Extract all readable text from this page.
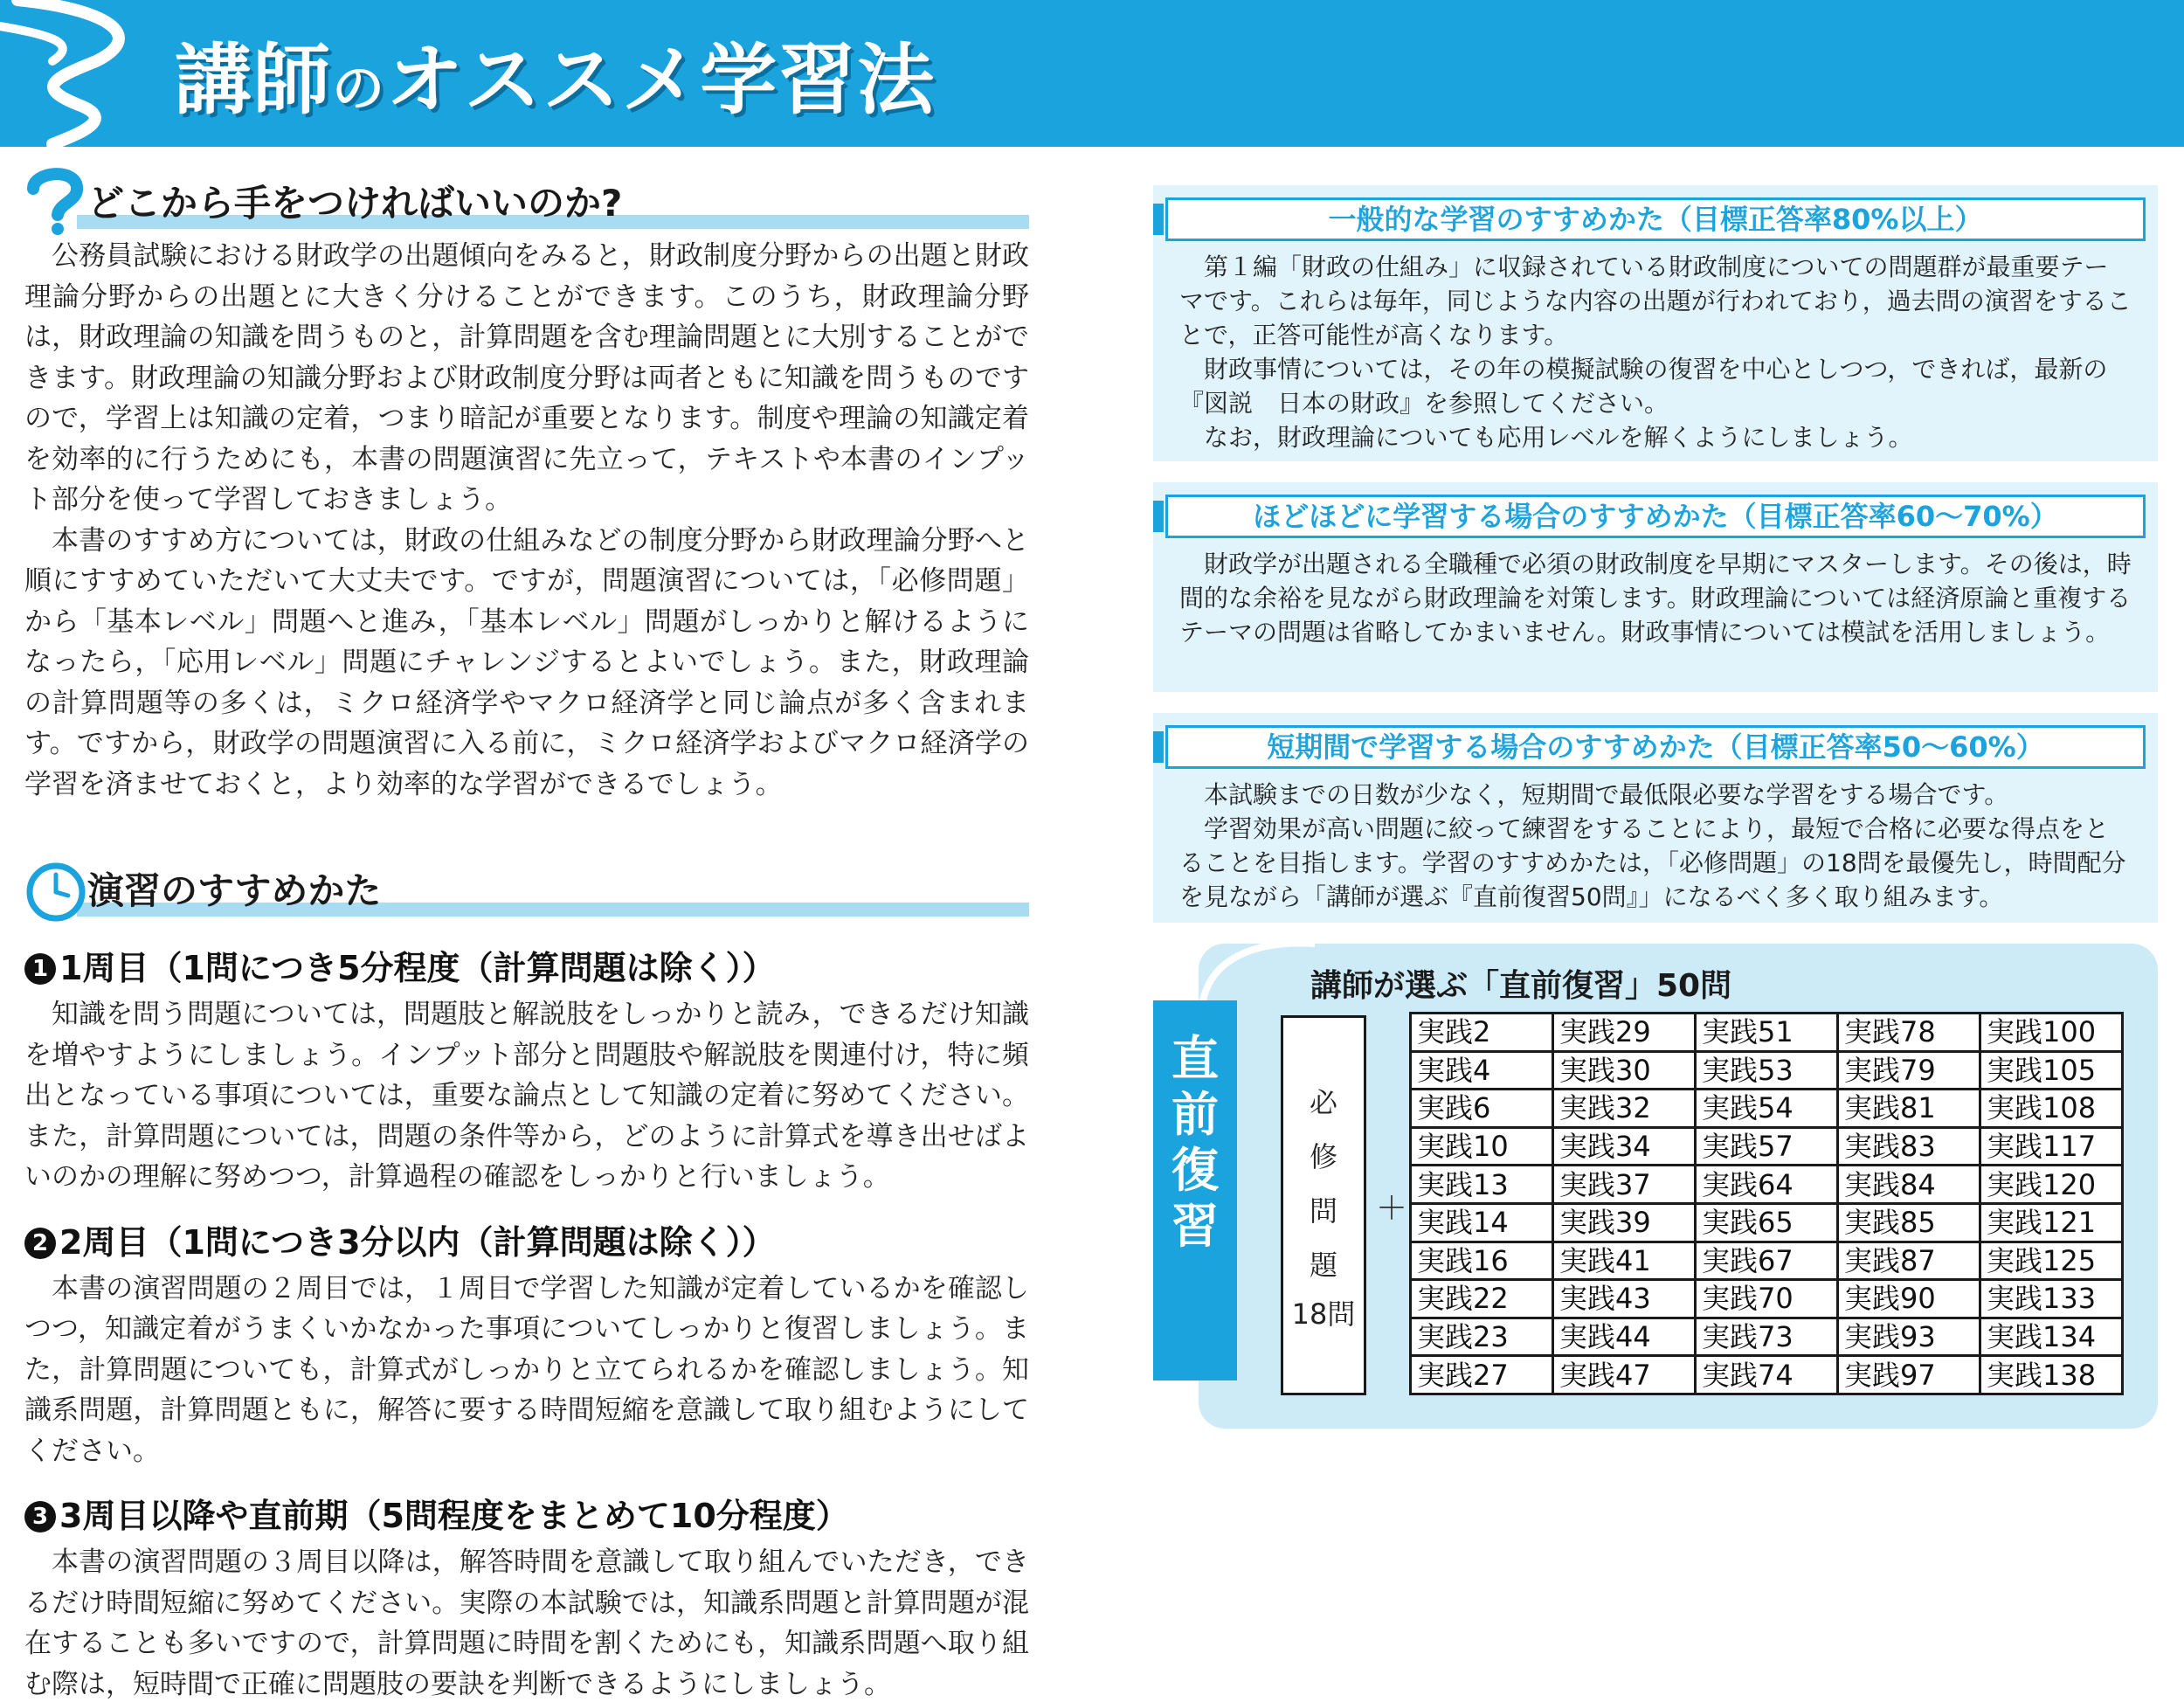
講師のオススメ学習法
どこから手をつければいいのか?

公務員試験における財政学の出題傾向をみると，財政制度分野からの出題と財政理論分野からの出題とに大きく分けることができます。このうち，財政理論分野は，財政理論の知識を問うものと，計算問題を含む理論問題とに大別することができます。財政理論の知識分野および財政制度分野は両者ともに知識を問うものですので，学習上は知識の定着，つまり暗記が重要となります。制度や理論の知識定着を効率的に行うためにも，本書の問題演習に先立って，テキストや本書のインプット部分を使って学習しておきましょう。

本書のすすめ方については，財政の仕組みなどの制度分野から財政理論分野へと順にすすめていただいて大丈夫です。ですが，問題演習については，「必修問題」から「基本レベル」問題へと進み，「基本レベル」問題がしっかりと解けるようになったら，「応用レベル」問題にチャレンジするとよいでしょう。また，財政理論の計算問題等の多くは，ミクロ経済学やマクロ経済学と同じ論点が多く含まれます。ですから，財政学の問題演習に入る前に，ミクロ経済学およびマクロ経済学の学習を済ませておくと，より効率的な学習ができるでしょう。

演習のすすめかた
1 1周目（1問につき5分程度（計算問題は除く））

知識を問う問題については，問題肢と解説肢をしっかりと読み，できるだけ知識を増やすようにしましょう。インプット部分と問題肢や解説肢を関連付け，特に頻出となっている事項については，重要な論点として知識の定着に努めてください。また，計算問題については，問題の条件等から，どのように計算式を導き出せばよいのかの理解に努めつつ，計算過程の確認をしっかりと行いましょう。

2 2周目（1問につき3分以内（計算問題は除く））

本書の演習問題の２周目では，１周目で学習した知識が定着しているかを確認しつつ，知識定着がうまくいかなかった事項についてしっかりと復習しましょう。また，計算問題についても，計算式がしっかりと立てられるかを確認しましょう。知識系問題，計算問題ともに，解答に要する時間短縮を意識して取り組むようにしてください。

3 3周目以降や直前期（5問程度をまとめて10分程度）

本書の演習問題の３周目以降は，解答時間を意識して取り組んでいただき，できるだけ時間短縮に努めてください。実際の本試験では，知識系問題と計算問題が混在することも多いですので，計算問題に時間を割くためにも，知識系問題へ取り組む際は，短時間で正確に問題肢の要訣を判断できるようにしましょう。

一般的な学習のすすめかた（目標正答率80%以上）

第１編「財政の仕組み」に収録されている財政制度についての問題群が最重要テーマです。これらは毎年，同じような内容の出題が行われており，過去問の演習をすることで，正答可能性が高くなります。

財政事情については，その年の模擬試験の復習を中心としつつ，できれば，最新の『図説　日本の財政』を参照してください。

なお，財政理論についても応用レベルを解くようにしましょう。

ほどほどに学習する場合のすすめかた（目標正答率60～70%）

財政学が出題される全職種で必須の財政制度を早期にマスターします。その後は，時間的な余裕を見ながら財政理論を対策します。財政理論については経済原論と重複するテーマの問題は省略してかまいません。財政事情については模試を活用しましょう。

短期間で学習する場合のすすめかた（目標正答率50～60%）

本試験までの日数が少なく，短期間で最低限必要な学習をする場合です。

学習効果が高い問題に絞って練習をすることにより，最短で合格に必要な得点をとることを目指します。学習のすすめかたは，「必修問題」の18問を最優先し，時間配分を見ながら「講師が選ぶ『直前復習50問』」になるべく多く取り組みます。

直
前
復
習
講師が選ぶ「直前復習」50問
必
修
問
題
18問
＋
実践2	実践29	実践51	実践78	実践100
実践4	実践30	実践53	実践79	実践105
実践6	実践32	実践54	実践81	実践108
実践10	実践34	実践57	実践83	実践117
実践13	実践37	実践64	実践84	実践120
実践14	実践39	実践65	実践85	実践121
実践16	実践41	実践67	実践87	実践125
実践22	実践43	実践70	実践90	実践133
実践23	実践44	実践73	実践93	実践134
実践27	実践47	実践74	実践97	実践138
